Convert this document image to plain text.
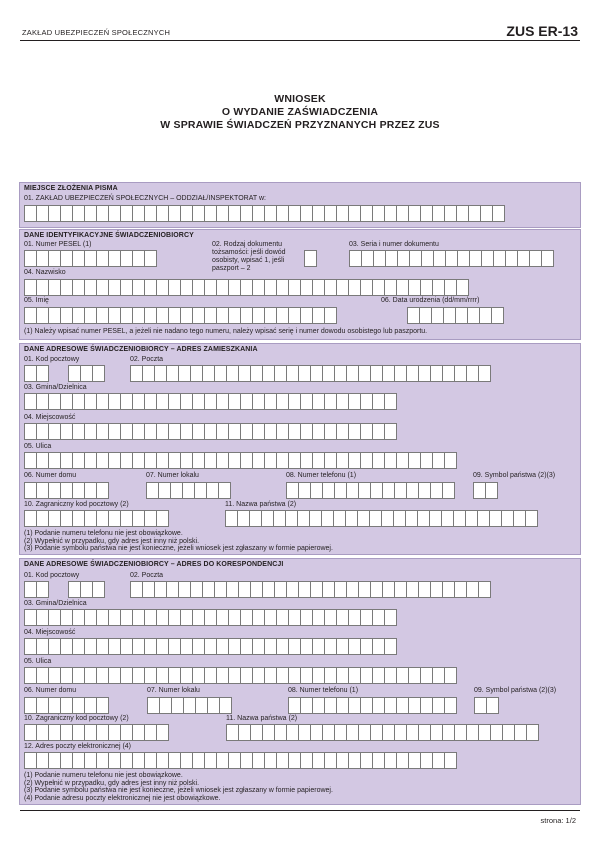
ZAKŁAD UBEZPIECZEŃ SPOŁECZNYCH	ZUS ER-13
WNIOSEK
O WYDANIE ZAŚWIADCZENIA
W SPRAWIE ŚWIADCZEŃ PRZYZNANYCH PRZEZ ZUS
MIEJSCE ZŁOŻENIA PISMA
01. ZAKŁAD UBEZPIECZEŃ SPOŁECZNYCH – ODDZIAŁ/INSPEKTORAT w:
DANE IDENTYFIKACYJNE ŚWIADCZENIOBIORCY
01. Numer PESEL (1)	02. Rodzaj dokumentu tożsamości: jeśli dowód osobisty, wpisać 1, jeśli paszport – 2
03. Seria i numer dokumentu
04. Nazwisko
05. Imię	06. Data urodzenia (dd/mm/rrrr)
(1) Należy wpisać numer PESEL, a jeżeli nie nadano tego numeru, należy wpisać serię i numer dowodu osobistego lub paszportu.
DANE ADRESOWE ŚWIADCZENIOBIORCY – ADRES ZAMIESZKANIA
01. Kod pocztowy	02. Poczta
03. Gmina/Dzielnica
04. Miejscowość
05. Ulica
06. Numer domu	07. Numer lokalu	08. Numer telefonu (1)	09. Symbol państwa (2)(3)
10. Zagraniczny kod pocztowy (2)	11. Nazwa państwa (2)
(1) Podanie numeru telefonu nie jest obowiązkowe.
(2) Wypełnić w przypadku, gdy adres jest inny niż polski.
(3) Podanie symbolu państwa nie jest konieczne, jeżeli wniosek jest zgłaszany w formie papierowej.
DANE ADRESOWE ŚWIADCZENIOBIORCY – ADRES DO KORESPONDENCJI
01. Kod pocztowy	02. Poczta
03. Gmina/Dzielnica
04. Miejscowość
05. Ulica
06. Numer domu	07. Numer lokalu	08. Numer telefonu (1)	09. Symbol państwa (2)(3)
10. Zagraniczny kod pocztowy (2)	11. Nazwa państwa (2)
12. Adres poczty elektronicznej (4)
(1) Podanie numeru telefonu nie jest obowiązkowe.
(2) Wypełnić w przypadku, gdy adres jest inny niż polski.
(3) Podanie symbolu państwa nie jest konieczne, jeżeli wniosek jest zgłaszany w formie papierowej.
(4) Podanie adresu poczty elektronicznej nie jest obowiązkowe.
strona: 1/2
